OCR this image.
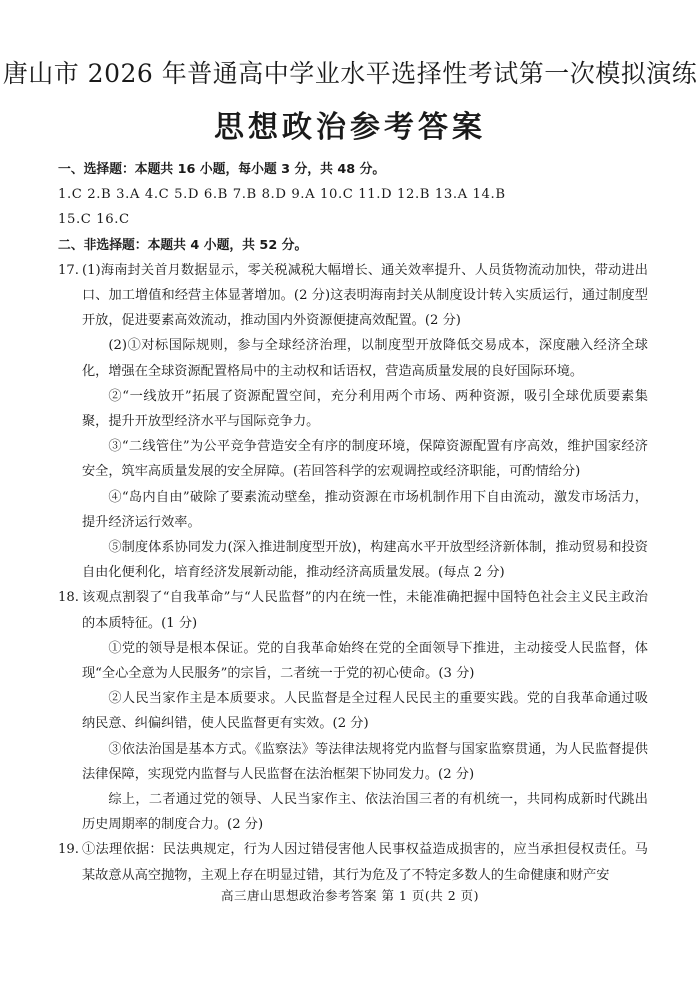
唐山市 2026 年普通高中学业水平选择性考试第一次模拟演练
思想政治参考答案

一、选择题：本题共 16 小题，每小题 3 分，共 48 分。

1.C 2.B 3.A 4.C 5.D 6.B 7.B 8.D 9.A 10.C 11.D 12.B 13.A 14.B

15.C 16.C

二、非选择题：本题共 4 小题，共 52 分。

17. (1)海南封关首月数据显示，零关税减税大幅增长、通关效率提升、人员货物流动加快，带动进出口、加工增值和经营主体显著增加。(2 分)这表明海南封关从制度设计转入实质运行，通过制度型开放，促进要素高效流动，推动国内外资源便捷高效配置。(2 分)

(2)①对标国际规则，参与全球经济治理，以制度型开放降低交易成本，深度融入经济全球化，增强在全球资源配置格局中的主动权和话语权，营造高质量发展的良好国际环境。

②“一线放开”拓展了资源配置空间，充分利用两个市场、两种资源，吸引全球优质要素集聚，提升开放型经济水平与国际竞争力。

③“二线管住”为公平竞争营造安全有序的制度环境，保障资源配置有序高效，维护国家经济安全，筑牢高质量发展的安全屏障。(若回答科学的宏观调控或经济职能，可酌情给分)

④“岛内自由”破除了要素流动壁垒，推动资源在市场机制作用下自由流动，激发市场活力，提升经济运行效率。

⑤制度体系协同发力(深入推进制度型开放)，构建高水平开放型经济新体制，推动贸易和投资自由化便利化，培育经济发展新动能，推动经济高质量发展。(每点 2 分)

18. 该观点割裂了“自我革命”与“人民监督”的内在统一性，未能准确把握中国特色社会主义民主政治的本质特征。(1 分)

①党的领导是根本保证。党的自我革命始终在党的全面领导下推进，主动接受人民监督，体现“全心全意为人民服务”的宗旨，二者统一于党的初心使命。(3 分)

②人民当家作主是本质要求。人民监督是全过程人民民主的重要实践。党的自我革命通过吸纳民意、纠偏纠错，使人民监督更有实效。(2 分)

③依法治国是基本方式。《监察法》等法律法规将党内监督与国家监察贯通，为人民监督提供法律保障，实现党内监督与人民监督在法治框架下协同发力。(2 分)

综上，二者通过党的领导、人民当家作主、依法治国三者的有机统一，共同构成新时代跳出历史周期率的制度合力。(2 分)

19. ①法理依据：民法典规定，行为人因过错侵害他人民事权益造成损害的，应当承担侵权责任。马某故意从高空抛物，主观上存在明显过错，其行为危及了不特定多数人的生命健康和财产安

高三唐山思想政治参考答案 第 1 页(共 2 页)
